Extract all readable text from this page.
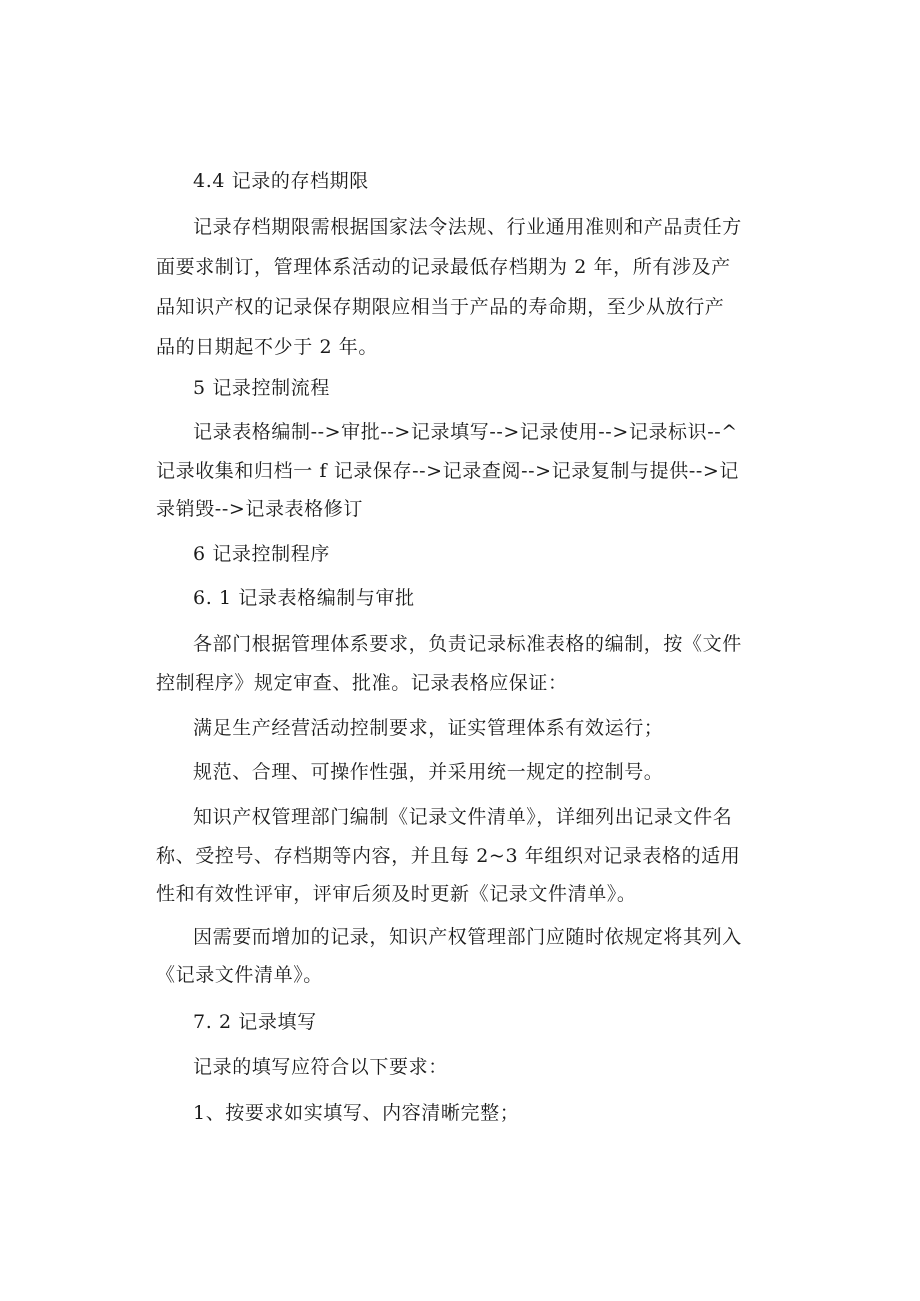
4.4 记录的存档期限
记录存档期限需根据国家法令法规、行业通用准则和产品责任方
面要求制订，管理体系活动的记录最低存档期为 2 年，所有涉及产
品知识产权的记录保存期限应相当于产品的寿命期，至少从放行产
品的日期起不少于 2 年。
5 记录控制流程
记录表格编制-->审批-->记录填写-->记录使用-->记录标识--^
记录收集和归档一 f 记录保存-->记录查阅-->记录复制与提供-->记
录销毁-->记录表格修订
6 记录控制程序
6. 1 记录表格编制与审批
各部门根据管理体系要求，负责记录标准表格的编制，按《文件
控制程序》规定审查、批准。记录表格应保证：
满足生产经营活动控制要求，证实管理体系有效运行；
规范、合理、可操作性强，并采用统一规定的控制号。
知识产权管理部门编制《记录文件清单》，详细列出记录文件名
称、受控号、存档期等内容，并且每 2~3 年组织对记录表格的适用
性和有效性评审，评审后须及时更新《记录文件清单》。
因需要而增加的记录，知识产权管理部门应随时依规定将其列入
《记录文件清单》。
7. 2 记录填写
记录的填写应符合以下要求：
1、按要求如实填写、内容清晰完整；
